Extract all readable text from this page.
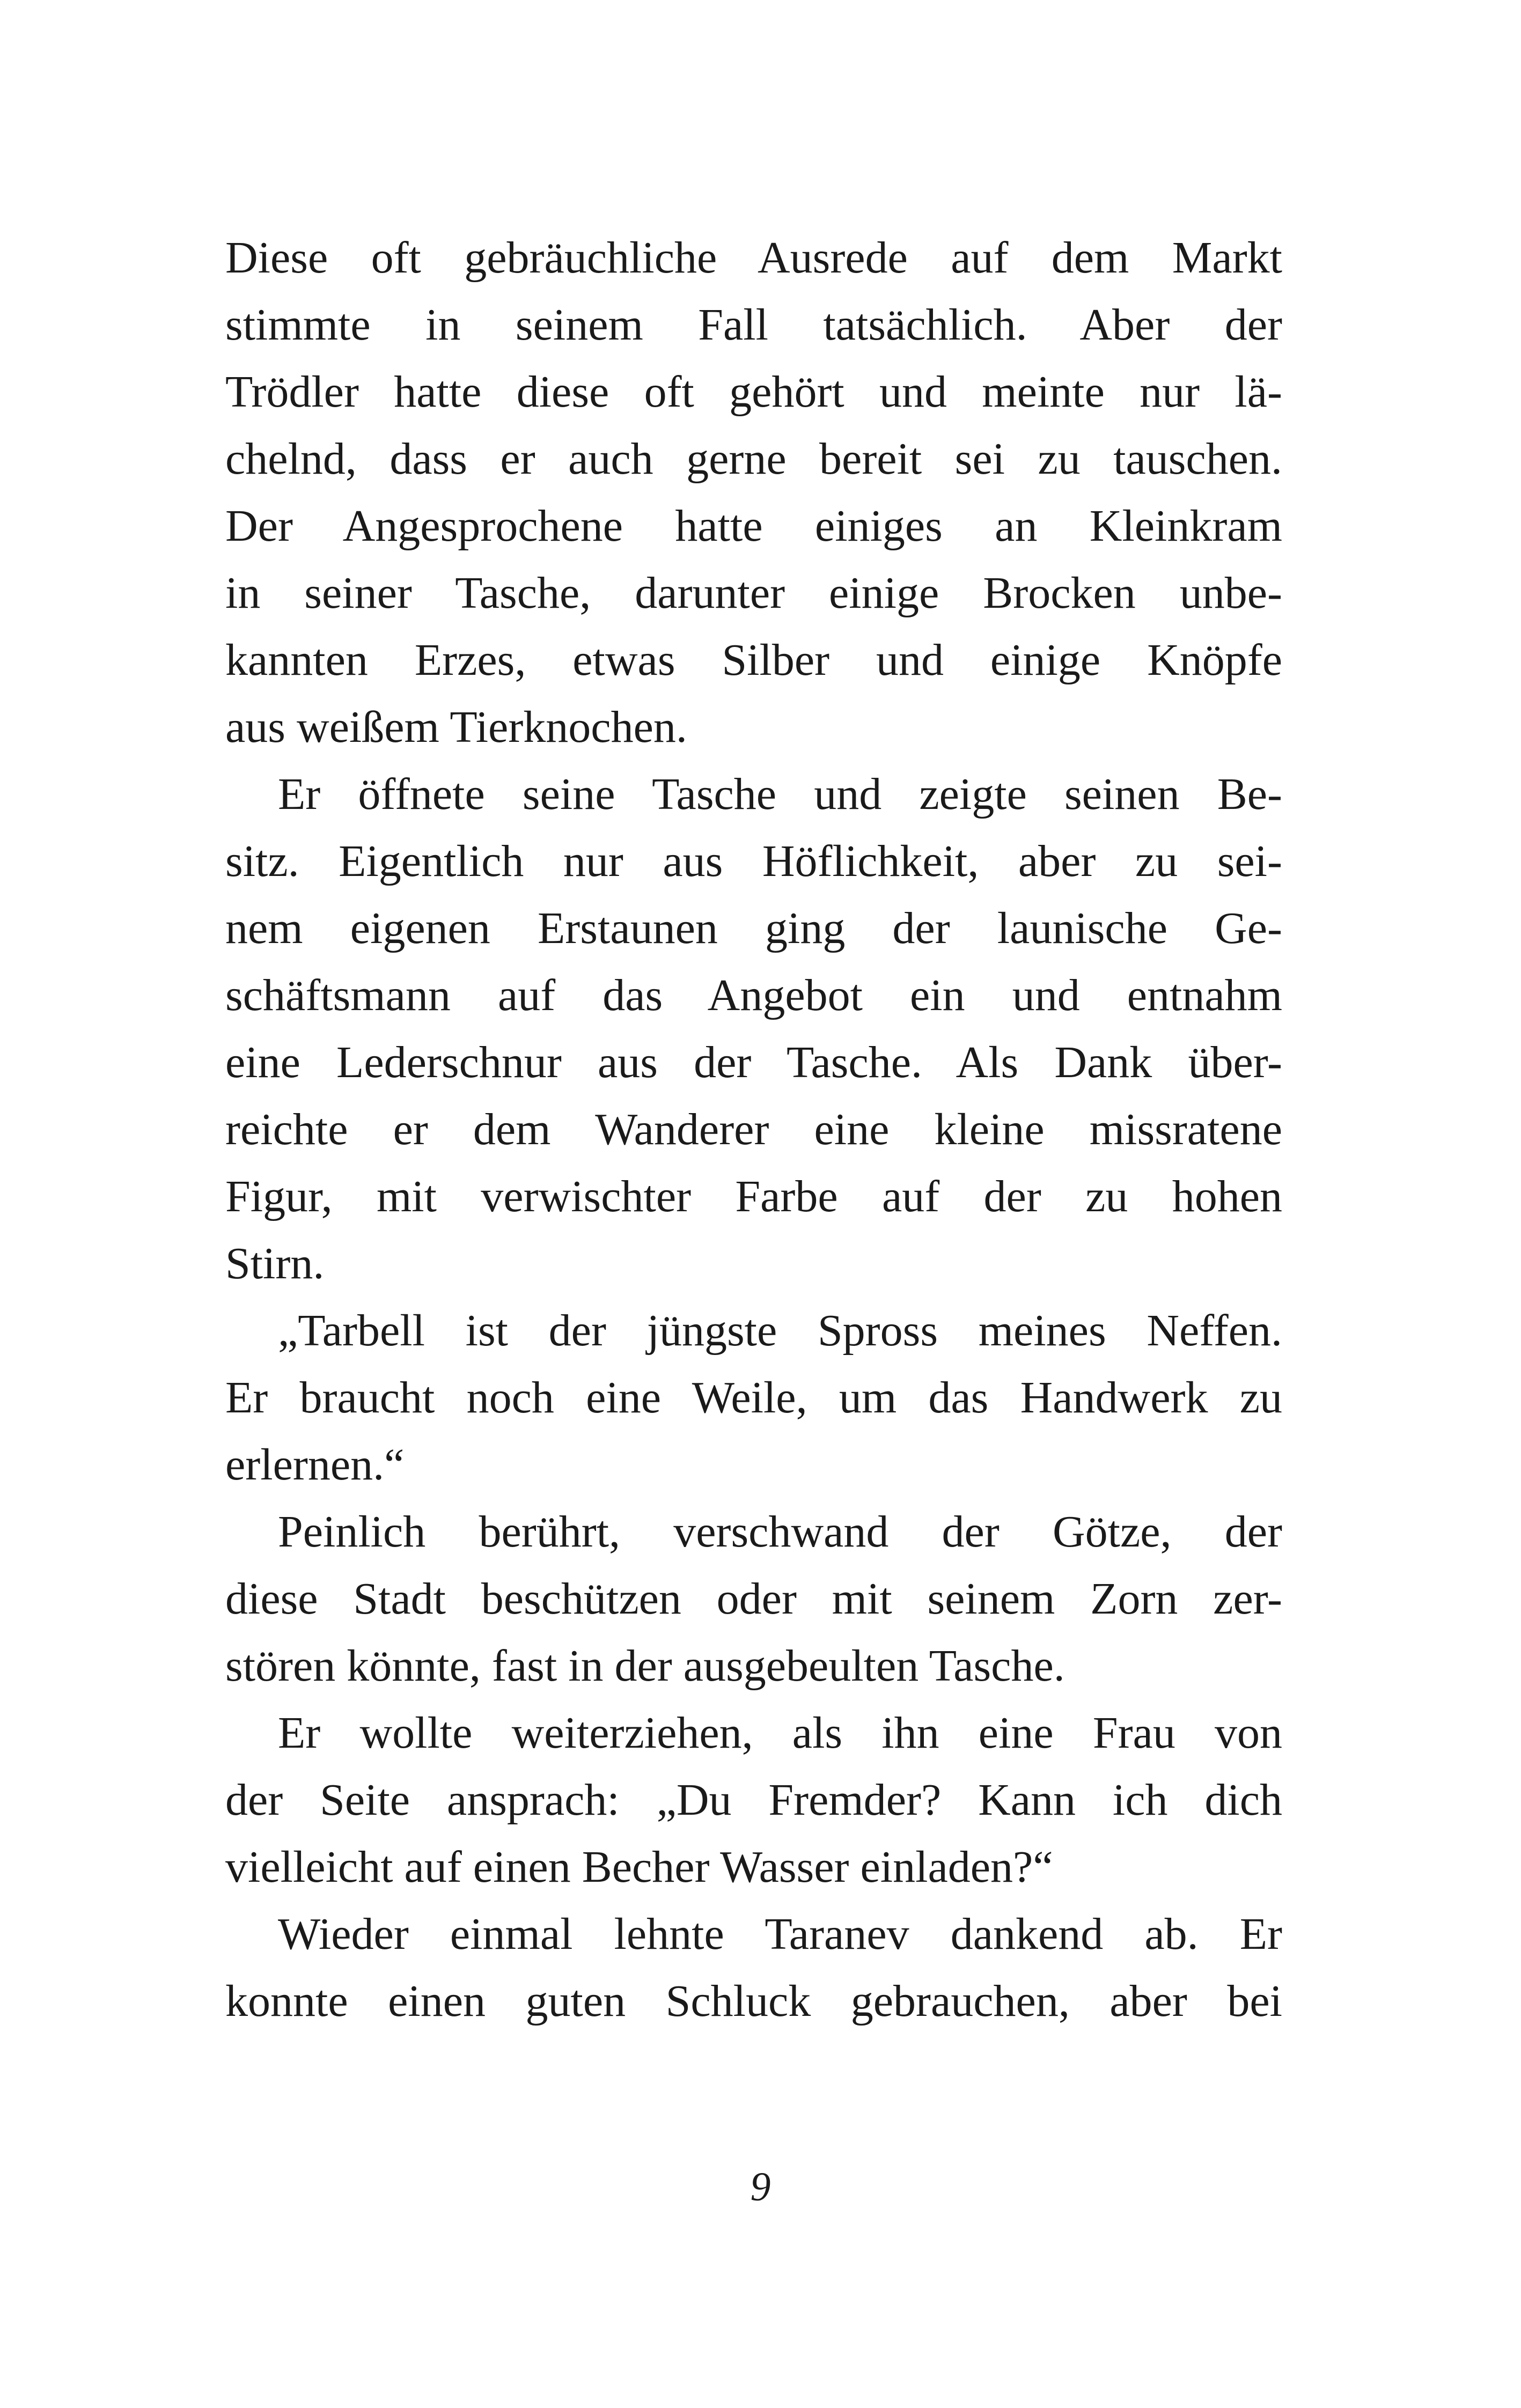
Diese oft gebräuchliche Ausrede auf dem Markt
stimmte in seinem Fall tatsächlich. Aber der
Trödler hatte diese oft gehört und meinte nur lä-
chelnd, dass er auch gerne bereit sei zu tauschen.
Der Angesprochene hatte einiges an Kleinkram
in seiner Tasche, darunter einige Brocken unbe-
kannten Erzes, etwas Silber und einige Knöpfe
aus weißem Tierknochen.
Er öffnete seine Tasche und zeigte seinen Be-
sitz. Eigentlich nur aus Höflichkeit, aber zu sei-
nem eigenen Erstaunen ging der launische Ge-
schäftsmann auf das Angebot ein und entnahm
eine Lederschnur aus der Tasche. Als Dank über-
reichte er dem Wanderer eine kleine missratene
Figur, mit verwischter Farbe auf der zu hohen
Stirn.
„Tarbell ist der jüngste Spross meines Neffen.
Er braucht noch eine Weile, um das Handwerk zu
erlernen.“
Peinlich berührt, verschwand der Götze, der
diese Stadt beschützen oder mit seinem Zorn zer-
stören könnte, fast in der ausgebeulten Tasche.
Er wollte weiterziehen, als ihn eine Frau von
der Seite ansprach: „Du Fremder? Kann ich dich
vielleicht auf einen Becher Wasser einladen?“
Wieder einmal lehnte Taranev dankend ab. Er
konnte einen guten Schluck gebrauchen, aber bei
9
